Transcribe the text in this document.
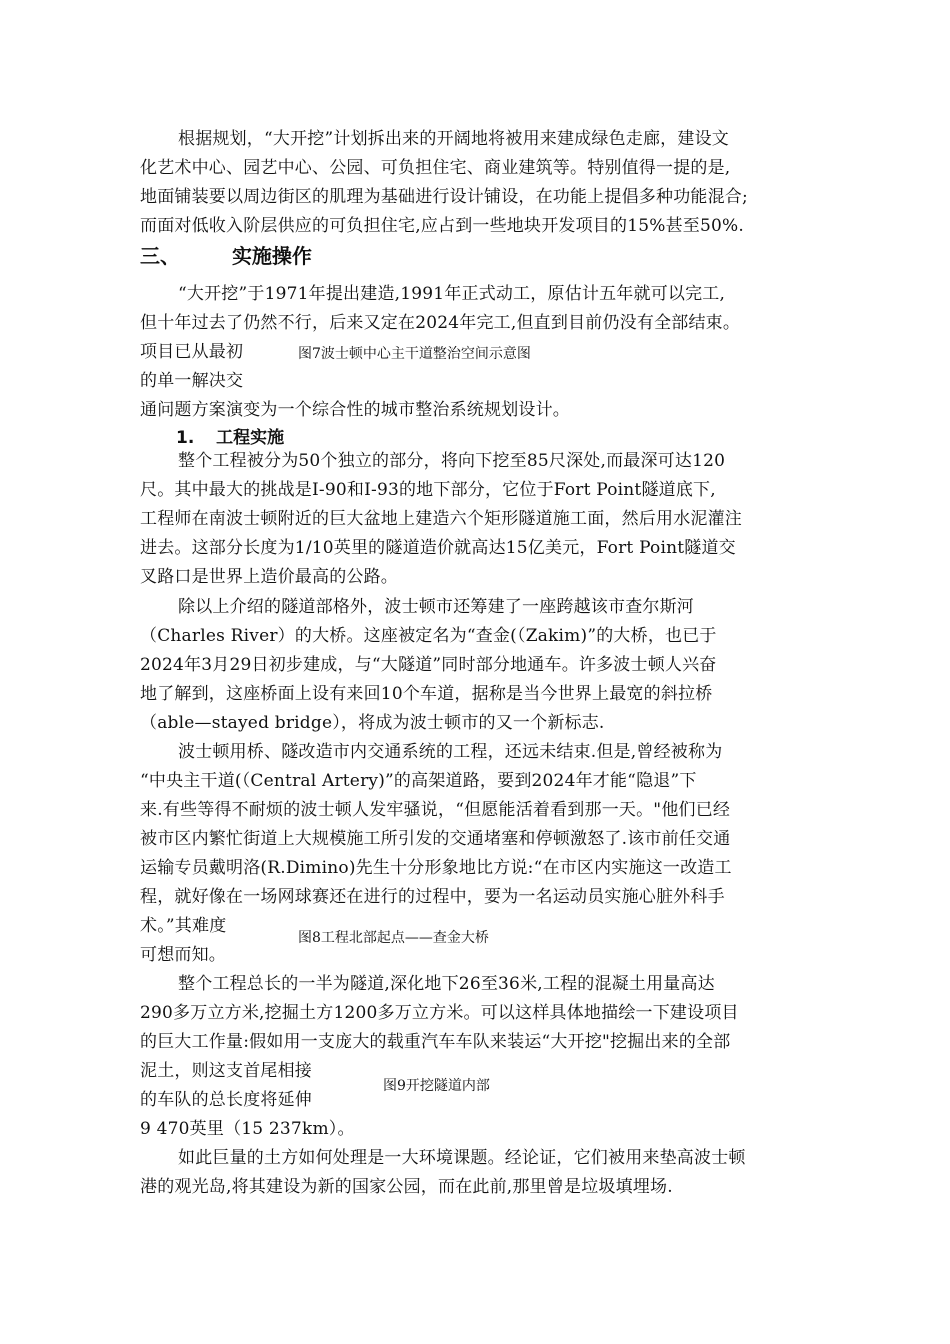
根据规划，“大开挖”计划拆出来的开阔地将被用来建成绿色走廊，建设文
化艺术中心、园艺中心、公园、可负担住宅、商业建筑等。特别值得一提的是,
地面铺装要以周边街区的肌理为基础进行设计铺设，在功能上提倡多种功能混合;
而面对低收入阶层供应的可负担住宅,应占到一些地块开发项目的15%甚至50%.
三、	实施操作
“大开挖”于1971年提出建造,1991年正式动工，原估计五年就可以完工,
但十年过去了仍然不行，后来又定在2024年完工,但直到目前仍没有全部结束。
项目已从最初
的单一解决交
通问题方案演变为一个综合性的城市整治系统规划设计。
图7波士顿中心主干道整治空间示意图
1. 工程实施
整个工程被分为50个独立的部分，将向下挖至85尺深处,而最深可达120
尺。其中最大的挑战是I-90和I-93的地下部分，它位于Fort Point隧道底下,
工程师在南波士顿附近的巨大盆地上建造六个矩形隧道施工面，然后用水泥灌注
进去。这部分长度为1/10英里的隧道造价就高达15亿美元，Fort Point隧道交
叉路口是世界上造价最高的公路。
除以上介绍的隧道部格外，波士顿市还筹建了一座跨越该市查尔斯河
（Charles River）的大桥。这座被定名为“查金(（Zakim)”的大桥，也已于
2024年3月29日初步建成，与“大隧道”同时部分地通车。许多波士顿人兴奋
地了解到，这座桥面上设有来回10个车道，据称是当今世界上最宽的斜拉桥
（able—stayed bridge），将成为波士顿市的又一个新标志.
波士顿用桥、隧改造市内交通系统的工程，还远未结束.但是,曾经被称为
“中央主干道(（Central Artery)”的高架道路，要到2024年才能“隐退”下
来.有些等得不耐烦的波士顿人发牢骚说，“但愿能活着看到那一天。"他们已经
被市区内繁忙街道上大规模施工所引发的交通堵塞和停顿激怒了.该市前任交通
运输专员戴明洛(R.Dimino)先生十分形象地比方说:“在市区内实施这一改造工
程，就好像在一场网球赛还在进行的过程中，要为一名运动员实施心脏外科手
术。”其难度
可想而知。
图8工程北部起点——查金大桥
整个工程总长的一半为隧道,深化地下26至36米,工程的混凝土用量高达
290多万立方米,挖掘土方1200多万立方米。可以这样具体地描绘一下建设项目
的巨大工作量:假如用一支庞大的载重汽车车队来装运“大开挖"挖掘出来的全部
泥土，则这支首尾相接
的车队的总长度将延伸
9 470英里（15 237km）。
图9开挖隧道内部
如此巨量的土方如何处理是一大环境课题。经论证，它们被用来垫高波士顿
港的观光岛,将其建设为新的国家公园，而在此前,那里曾是垃圾填埋场.
